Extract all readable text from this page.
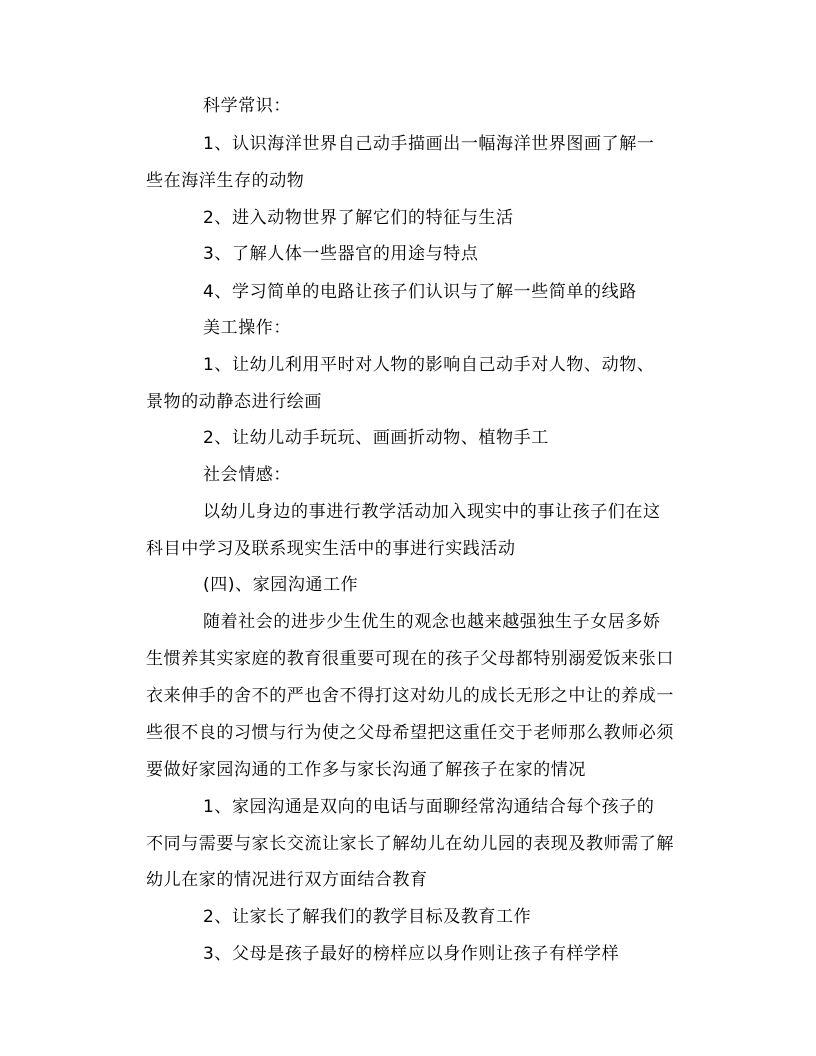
科学常识：
1、认识海洋世界自己动手描画出一幅海洋世界图画了解一
些在海洋生存的动物
2、进入动物世界了解它们的特征与生活
3、了解人体一些器官的用途与特点
4、学习简单的电路让孩子们认识与了解一些简单的线路
美工操作：
1、让幼儿利用平时对人物的影响自己动手对人物、动物、
景物的动静态进行绘画
2、让幼儿动手玩玩、画画折动物、植物手工
社会情感：
以幼儿身边的事进行教学活动加入现实中的事让孩子们在这
科目中学习及联系现实生活中的事进行实践活动
(四)、家园沟通工作
随着社会的进步少生优生的观念也越来越强独生子女居多娇
生惯养其实家庭的教育很重要可现在的孩子父母都特别溺爱饭来张口
衣来伸手的舍不的严也舍不得打这对幼儿的成长无形之中让的养成一
些很不良的习惯与行为使之父母希望把这重任交于老师那么教师必须
要做好家园沟通的工作多与家长沟通了解孩子在家的情况
1、家园沟通是双向的电话与面聊经常沟通结合每个孩子的
不同与需要与家长交流让家长了解幼儿在幼儿园的表现及教师需了解
幼儿在家的情况进行双方面结合教育
2、让家长了解我们的教学目标及教育工作
3、父母是孩子最好的榜样应以身作则让孩子有样学样
